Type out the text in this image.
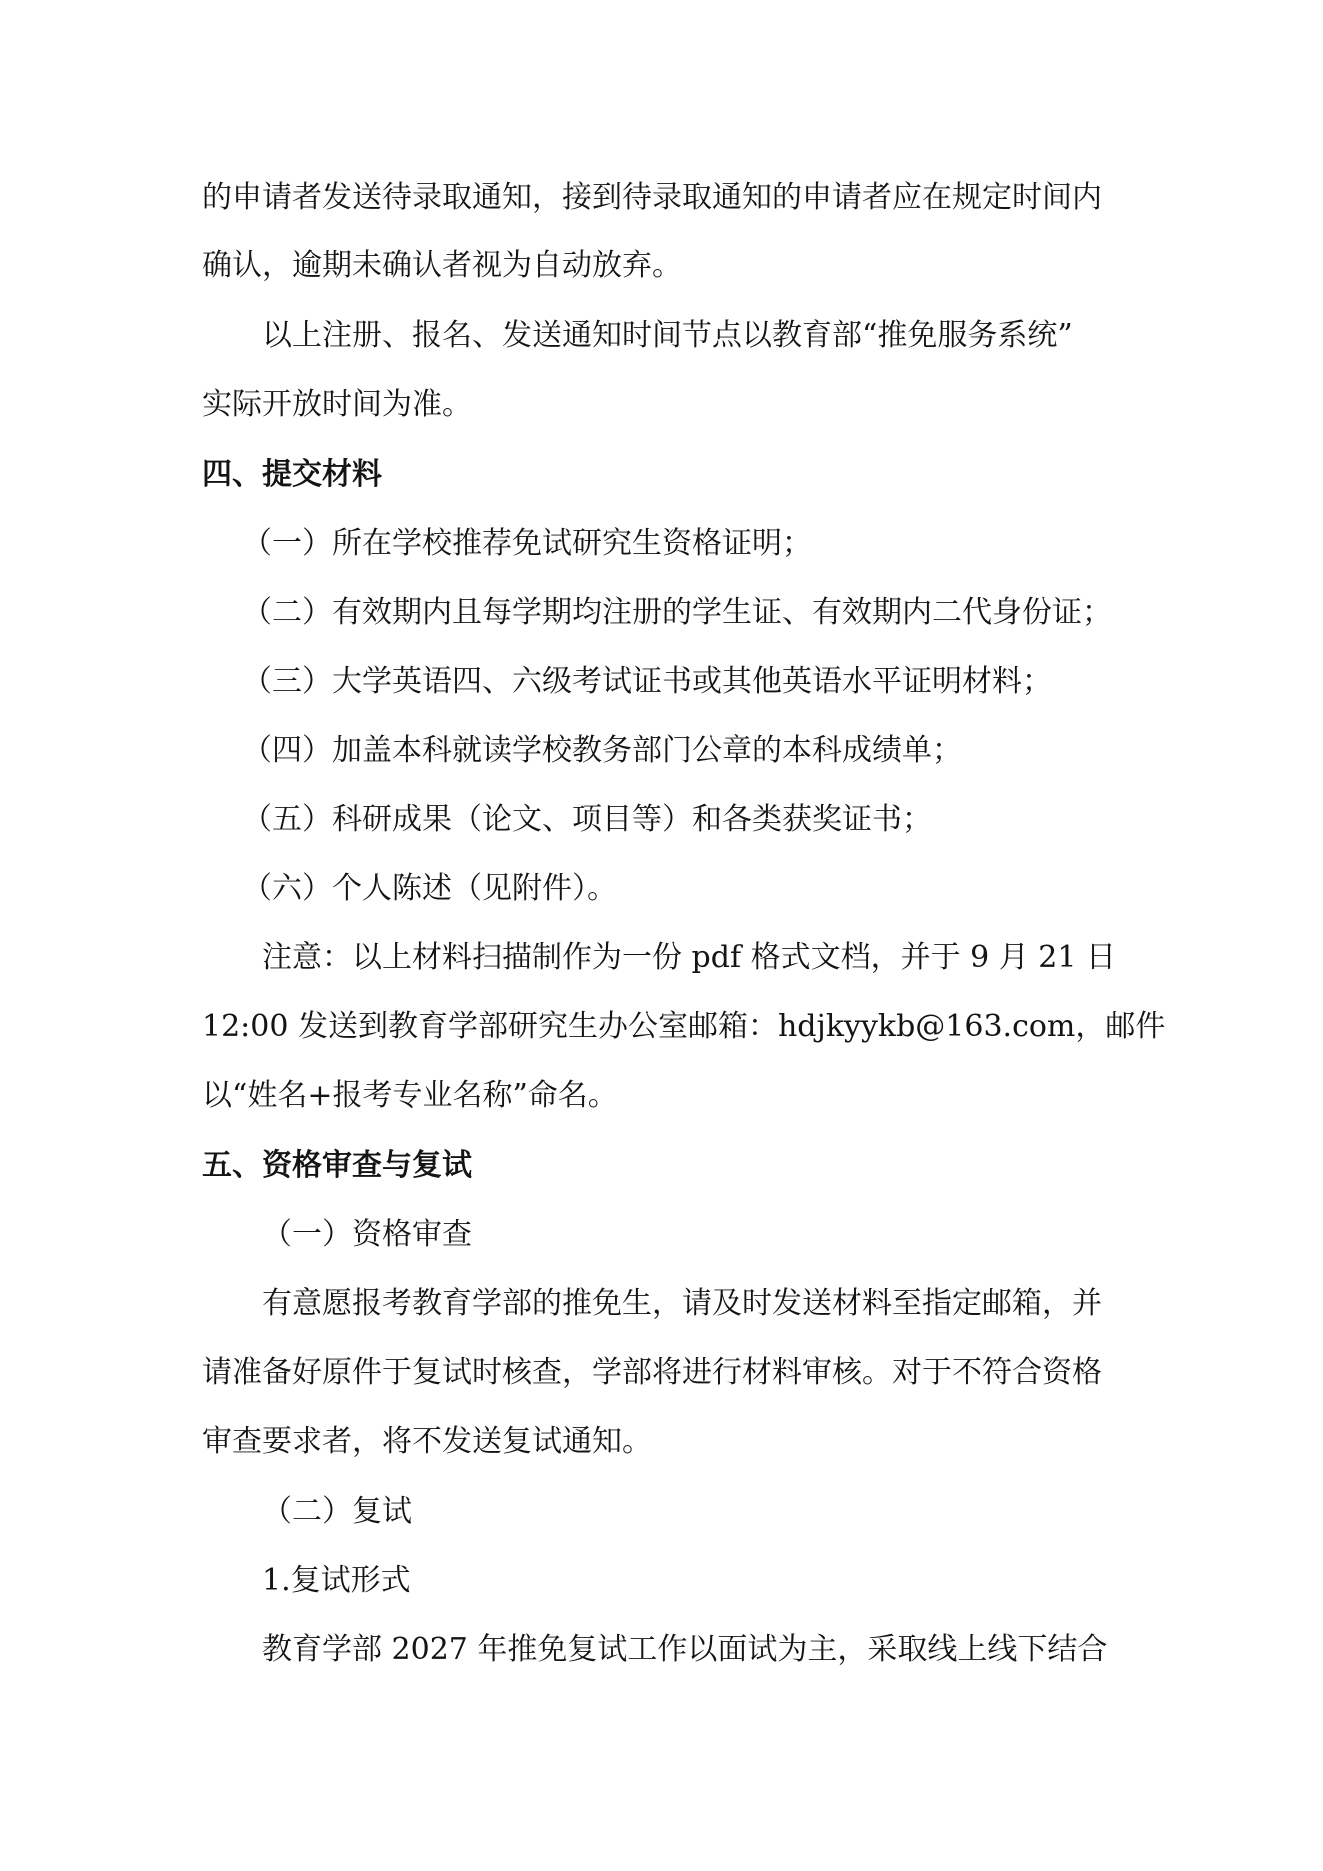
的申请者发送待录取通知，接到待录取通知的申请者应在规定时间内
确认，逾期未确认者视为自动放弃。
以上注册、报名、发送通知时间节点以教育部“推免服务系统”
实际开放时间为准。
四、提交材料
（一）所在学校推荐免试研究生资格证明；
（二）有效期内且每学期均注册的学生证、有效期内二代身份证；
（三）大学英语四、六级考试证书或其他英语水平证明材料；
（四）加盖本科就读学校教务部门公章的本科成绩单；
（五）科研成果（论文、项目等）和各类获奖证书；
（六）个人陈述（见附件）。
注意：以上材料扫描制作为一份 pdf 格式文档，并于 9 月 21 日
12:00 发送到教育学部研究生办公室邮箱：hdjkyykb@163.com，邮件
以“姓名+报考专业名称”命名。
五、资格审查与复试
（一）资格审查
有意愿报考教育学部的推免生，请及时发送材料至指定邮箱，并
请准备好原件于复试时核查，学部将进行材料审核。对于不符合资格
审查要求者，将不发送复试通知。
（二）复试
1.复试形式
教育学部 2027 年推免复试工作以面试为主，采取线上线下结合
